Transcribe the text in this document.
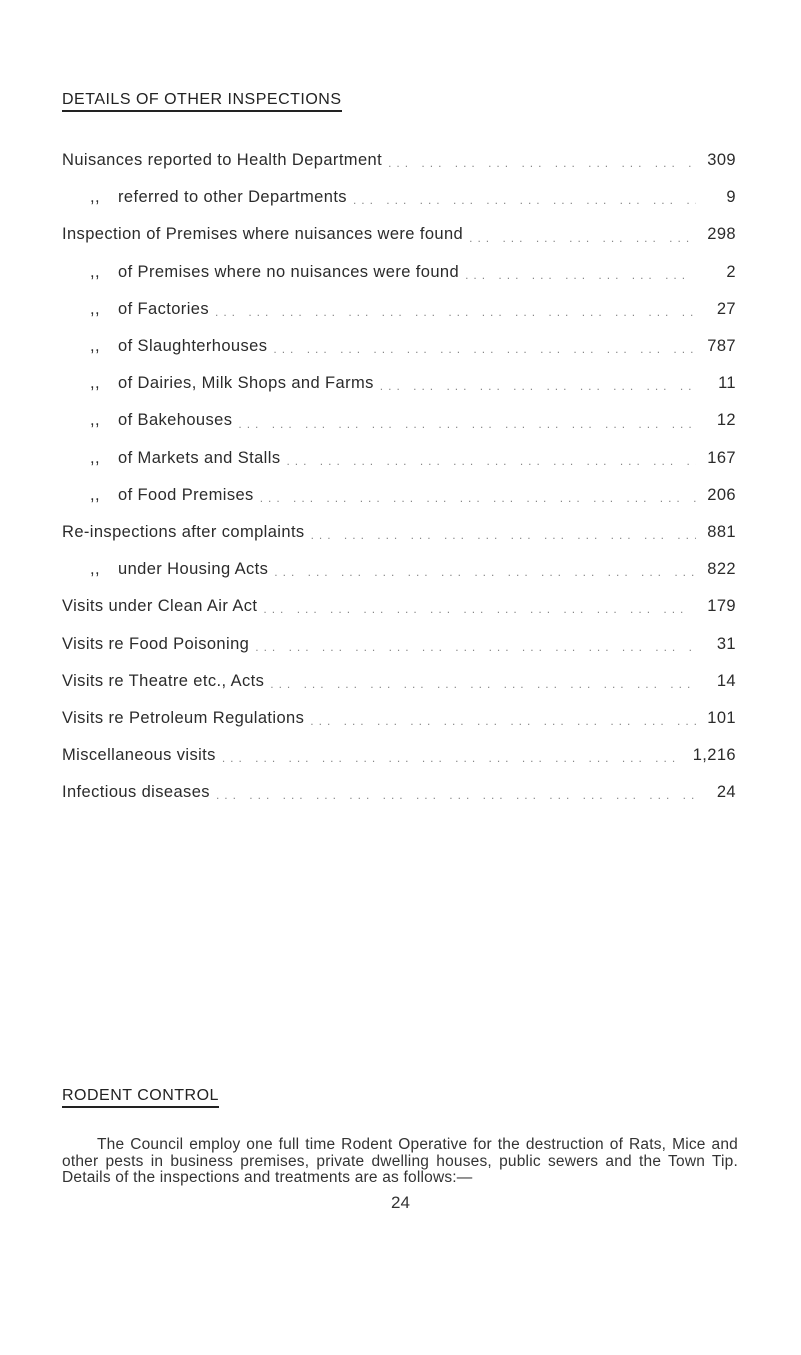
DETAILS OF OTHER INSPECTIONS
Nuisances reported to Health Department ... .	309
,, referred to other Departments ... .	9
Inspection of Premises where nuisances were found ... .	298
,, of Premises where no nuisances were found ... .	2
,, of Factories ... .	27
,, of Slaughterhouses ... .	787
,, of Dairies, Milk Shops and Farms ... .	11
,, of Bakehouses ... .	12
,, of Markets and Stalls ... .	167
,, of Food Premises ... .	206
Re-inspections after complaints ... .	881
,, under Housing Acts ... .	822
Visits under Clean Air Act ... .	179
Visits re Food Poisoning ... .	31
Visits re Theatre etc., Acts ... .	14
Visits re Petroleum Regulations ... .	101
Miscellaneous visits ... .	1,216
Infectious diseases ... .	24
RODENT CONTROL
The Council employ one full time Rodent Operative for the destruction of Rats, Mice and other pests in business premises, private dwelling houses, public sewers and the Town Tip. Details of the inspections and treatments are as follows:—
24
